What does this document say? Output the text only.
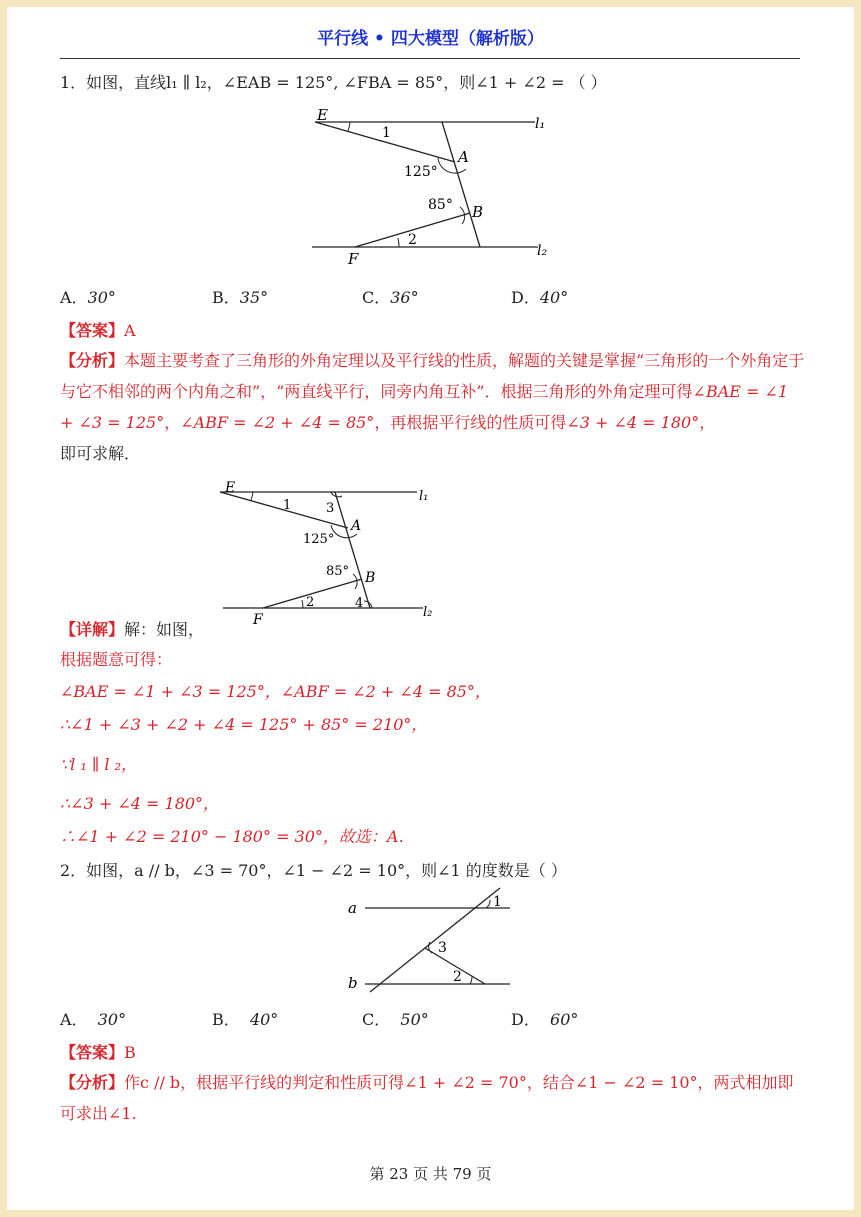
平行线 • 四大模型（解析版）
1．如图，直线l₁ ∥ l₂，∠EAB = 125°, ∠FBA = 85°，则∠1 + ∠2 = （ ）
E	l₁
1
A
125°
85° B
2
F	l₂
A．30°	B．35°	C．36°	D．40°
【答案】A
【分析】本题主要考查了三角形的外角定理以及平行线的性质，解题的关键是掌握“三角形的一个外角定于与它不相邻的两个内角之和”，“两直线平行，同旁内角互补”．根据三角形的外角定理可得∠BAE = ∠1 + ∠3 = 125°，∠ABF = ∠2 + ∠4 = 85°，再根据平行线的性质可得∠3 + ∠4 = 180°，
即可求解．
E
l₁
1	3
A
125°
85° B
2	4
F	l₂
【详解】解：如图，
根据题意可得：
∠BAE = ∠1 + ∠3 = 125°，∠ABF = ∠2 + ∠4 = 85°，
∴∠1 + ∠3 + ∠2 + ∠4 = 125° + 85° = 210°，
∵l ₁ ∥ l ₂，
∴∠3 + ∠4 = 180°，
∴∠1 + ∠2 = 210° − 180° = 30°，故选：A．
2．如图，a // b，∠3 = 70°，∠1 − ∠2 = 10°，则∠1 的度数是（ ）
a
b
1
3
2
A． 30°	B． 40°	C． 50°	D． 60°
【答案】B
【分析】作c // b，根据平行线的判定和性质可得∠1 + ∠2 = 70°，结合∠1 − ∠2 = 10°，两式相加即
可求出∠1.
第 23 页 共 79 页
